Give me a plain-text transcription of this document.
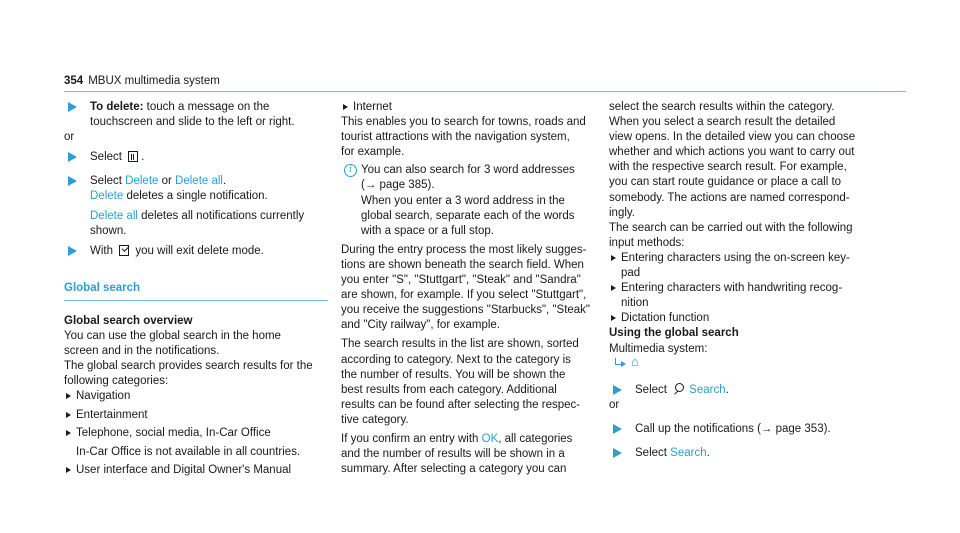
354 MBUX multimedia system

To delete: touch a message on the

touchscreen and slide to the left or right.

or

Select .

Select Delete or Delete all.

Delete deletes a single notification.

Delete all deletes all notifications currently

shown.

With  you will exit delete mode.

Global search

Global search overview

You can use the global search in the home

screen and in the notifications.

The global search provides search results for the

following categories:

Navigation
Entertainment
Telephone, social media, In-Car Office

In-Car Office is not available in all countries.

User interface and Digital Owner's Manual
Internet

This enables you to search for towns, roads and

tourist attractions with the navigation system,

for example.

i You can also search for 3 word addresses

(→ page 385).

When you enter a 3 word address in the

global search, separate each of the words

with a space or a full stop.

During the entry process the most likely sugges-

tions are shown beneath the search field. When

you enter "S", "Stuttgart", "Steak" and "Sandra"

are shown, for example. If you select "Stuttgart",

you receive the suggestions "Starbucks", "Steak"

and "City railway", for example.

The search results in the list are shown, sorted

according to category. Next to the category is

the number of results. You will be shown the

best results from each category. Additional

results can be found after selecting the respec-

tive category.

If you confirm an entry with OK, all categories

and the number of results will be shown in a

summary. After selecting a category you can

select the search results within the category.

When you select a search result the detailed

view opens. In the detailed view you can choose

whether and which actions you want to carry out

with the respective search result. For example,

you can start route guidance or place a call to

somebody. The actions are named correspond-

ingly.

The search can be carried out with the following

input methods:

Entering characters using the on-screen key-

pad

Entering characters with handwriting recog-

nition

Dictation function

Using the global search

Multimedia system:

⌂

Select Search.

or

Call up the notifications (→ page 353).

Select Search.
